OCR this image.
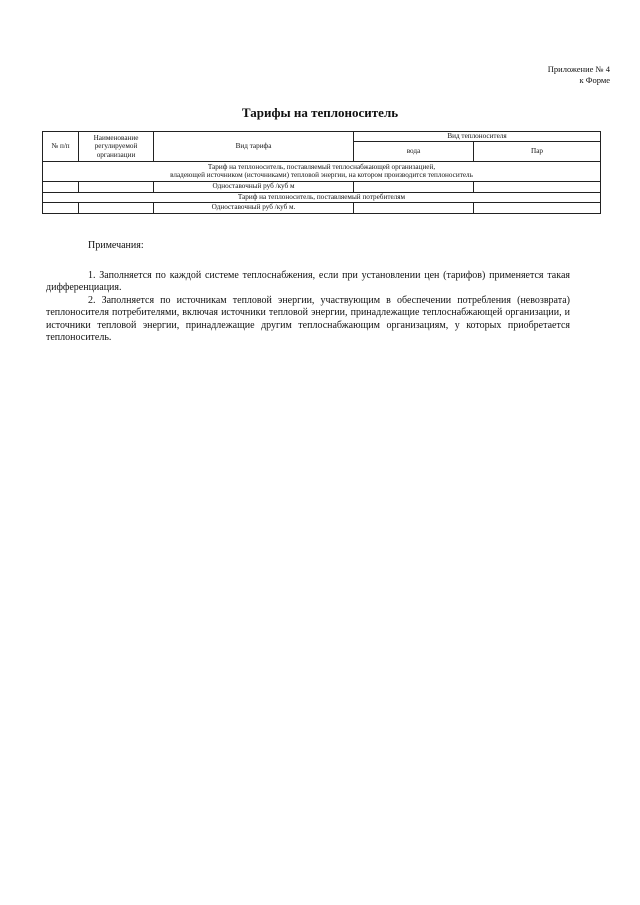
Приложение № 4
к Форме
Тарифы на теплоноситель
№ п/п	Наименование регулируемой организации	Вид тарифа	Вид теплоносителя	
			вода	Пар

Тариф на теплоноситель, поставляемый теплоснабжающей организацией,
владеющей источником (источниками) тепловой энергии, на котором производится теплоноситель				

		Одноставочный руб /куб м		
Тариф на теплоноситель, поставляемый потребителям				
		Одноставочный руб /куб м.		
Примечания:

1. Заполняется по каждой системе теплоснабжения, если при установлении цен (тарифов) применяется такая дифференциация.

2. Заполняется по источникам тепловой энергии, участвующим в обеспечении потребления (невозврата) теплоносителя потребителями, включая источники тепловой энергии, принадлежащие теплоснабжающей организации, и источники тепловой энергии, принадлежащие другим теплоснабжающим организациям, у которых приобретается теплоноситель.
